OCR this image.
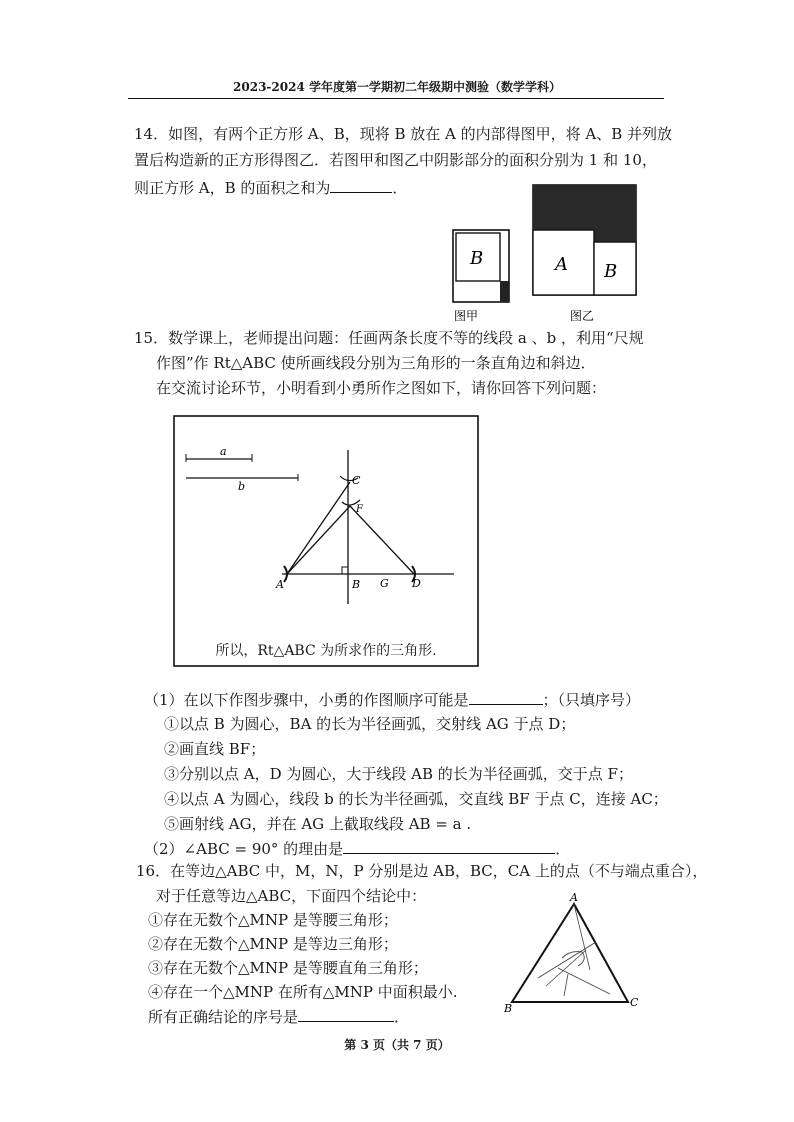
2023-2024 学年度第一学期初二年级期中测验（数学学科）
14．如图，有两个正方形 A、B，现将 B 放在 A 的内部得图甲，将 A、B 并列放
置后构造新的正方形得图乙．若图甲和图乙中阴影部分的面积分别为 1 和 10，
则正方形 A，B 的面积之和为	．
B
图甲
A B
图乙
15．数学课上，老师提出问题：任画两条长度不等的线段 a 、b ，利用“尺规
作图”作 Rt△ABC 使所画线段分别为三角形的一条直角边和斜边．
在交流讨论环节，小明看到小勇所作之图如下，请你回答下列问题：
a
b
A	B
C
D
F
G
所以，Rt△ABC 为所求作的三角形.
（1）在以下作图步骤中，小勇的作图顺序可能是	；（只填序号）
①以点 B 为圆心，BA 的长为半径画弧，交射线 AG 于点 D；
②画直线 BF；
③分别以点 A，D 为圆心，大于线段 AB 的长为半径画弧，交于点 F；
④以点 A 为圆心，线段 b 的长为半径画弧，交直线 BF 于点 C，连接 AC；
⑤画射线 AG，并在 AG 上截取线段 AB = a .
（2）∠ABC = 90° 的理由是	．
16．在等边△ABC 中，M，N，P 分别是边 AB，BC，CA 上的点（不与端点重合），
对于任意等边△ABC，下面四个结论中：
①存在无数个△MNP 是等腰三角形；
②存在无数个△MNP 是等边三角形；
③存在无数个△MNP 是等腰直角三角形；
④存在一个△MNP 在所有△MNP 中面积最小.
所有正确结论的序号是	．
A
B	C
第 3 页（共 7 页）
